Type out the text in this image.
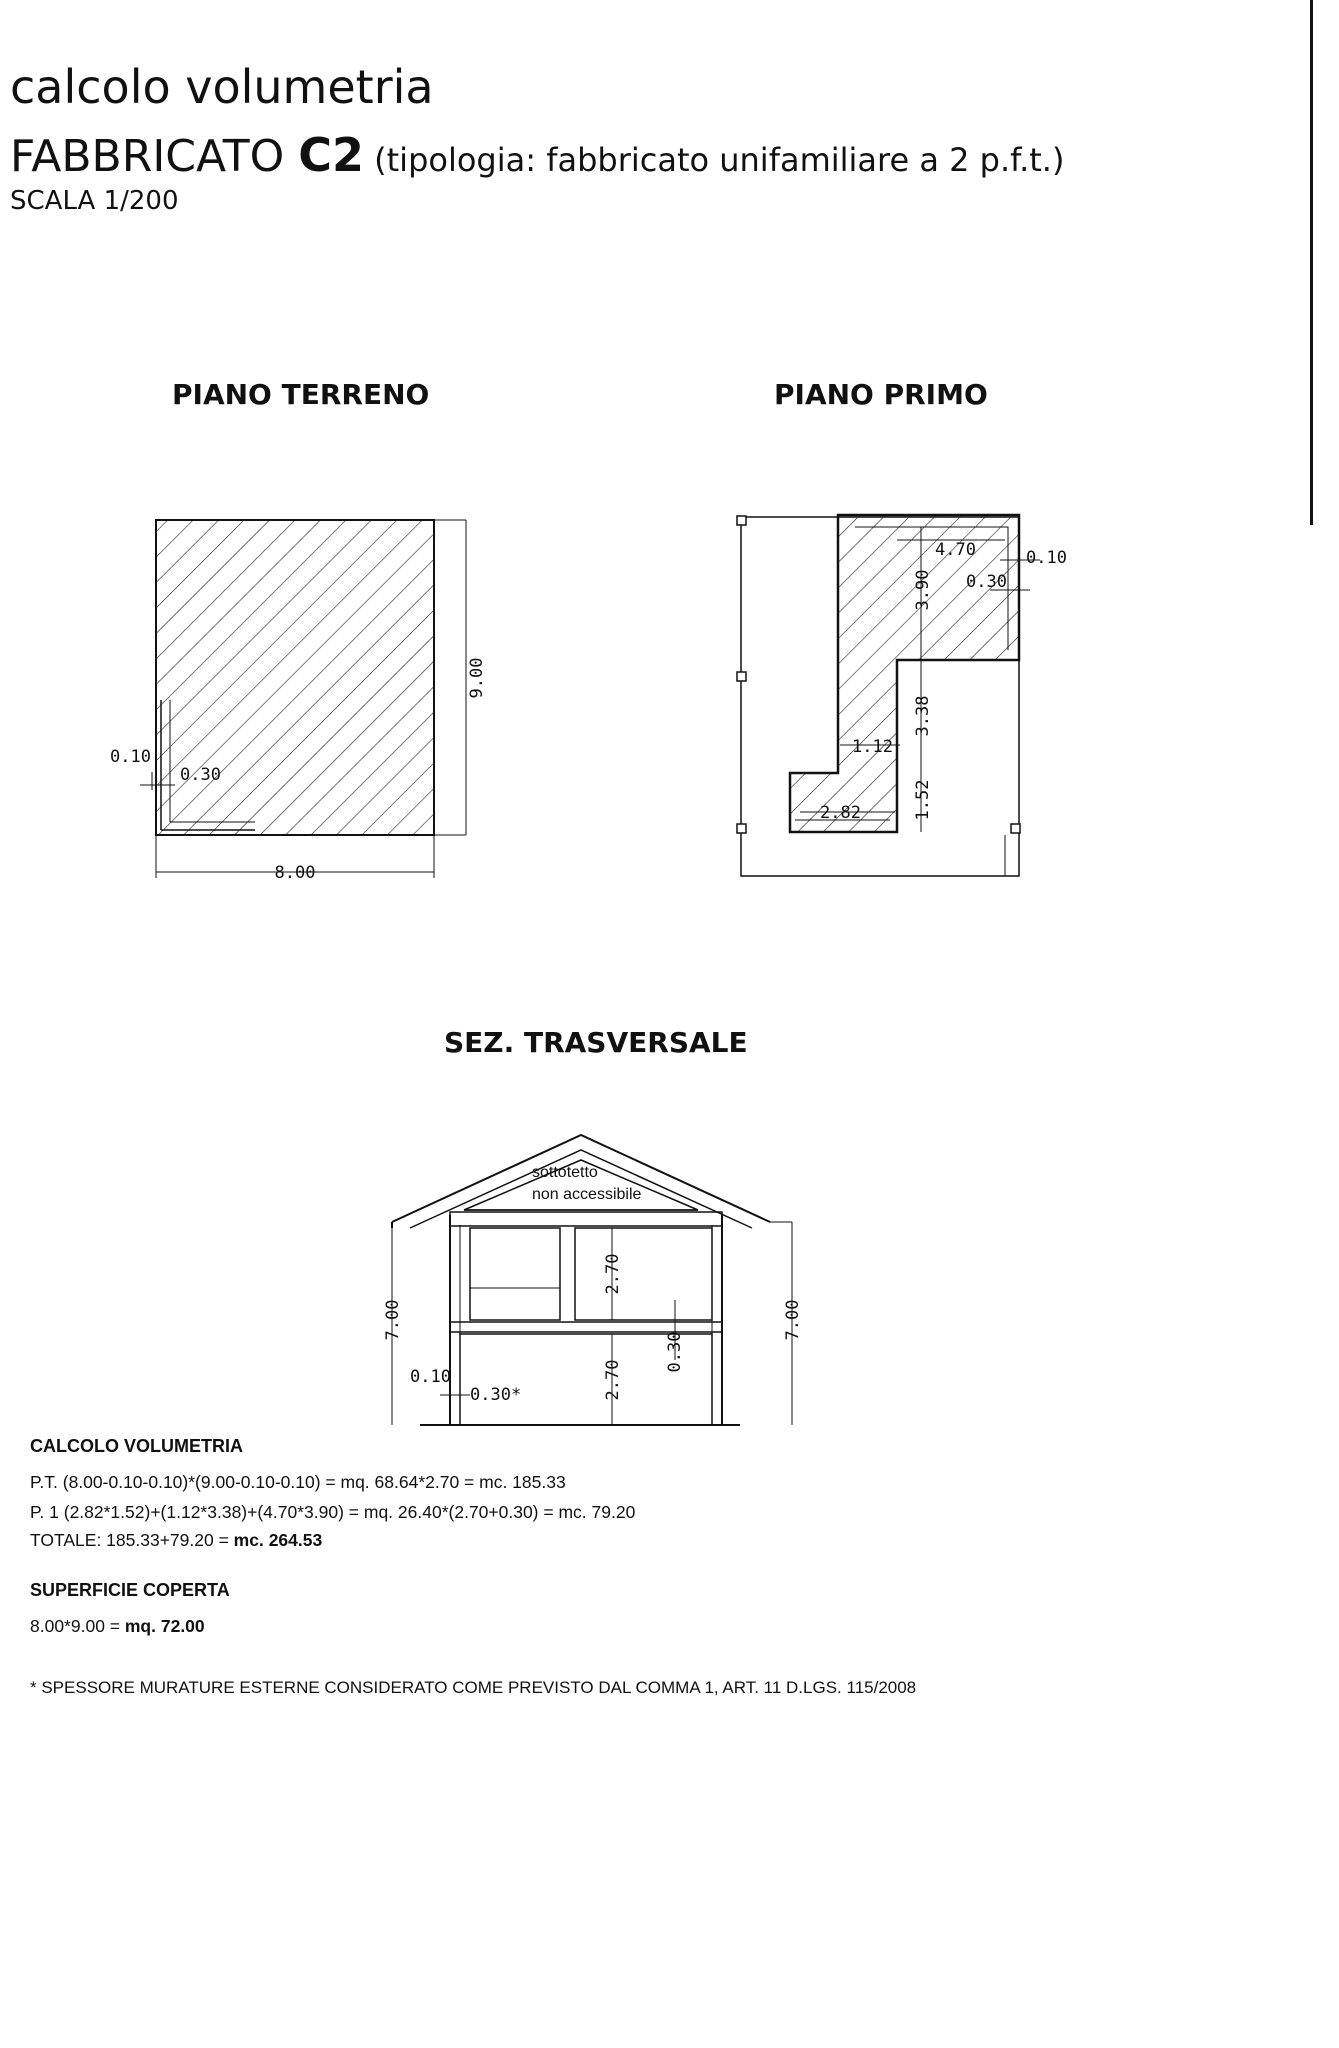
calcolo volumetria
FABBRICATO C2 (tipologia: fabbricato unifamiliare a 2 p.f.t.)
SCALA 1/200
PIANO TERRENO	PIANO PRIMO
SEZ. TRASVERSALE
9.00
8.00
0.10
0.30
4.70	0.10
0.30
3.90
3.38
1.52
1.12
2.82
7.00	7.00
2.70
2.70
0.30
0.10
0.30*
sottotetto
non accessibile
CALCOLO VOLUMETRIA
P.T. (8.00-0.10-0.10)*(9.00-0.10-0.10) = mq. 68.64*2.70 = mc. 185.33
P. 1 (2.82*1.52)+(1.12*3.38)+(4.70*3.90) = mq. 26.40*(2.70+0.30) = mc. 79.20
TOTALE: 185.33+79.20 = mc. 264.53
SUPERFICIE COPERTA
8.00*9.00 = mq. 72.00
* SPESSORE MURATURE ESTERNE CONSIDERATO COME PREVISTO DAL COMMA 1, ART. 11 D.LGS. 115/2008
